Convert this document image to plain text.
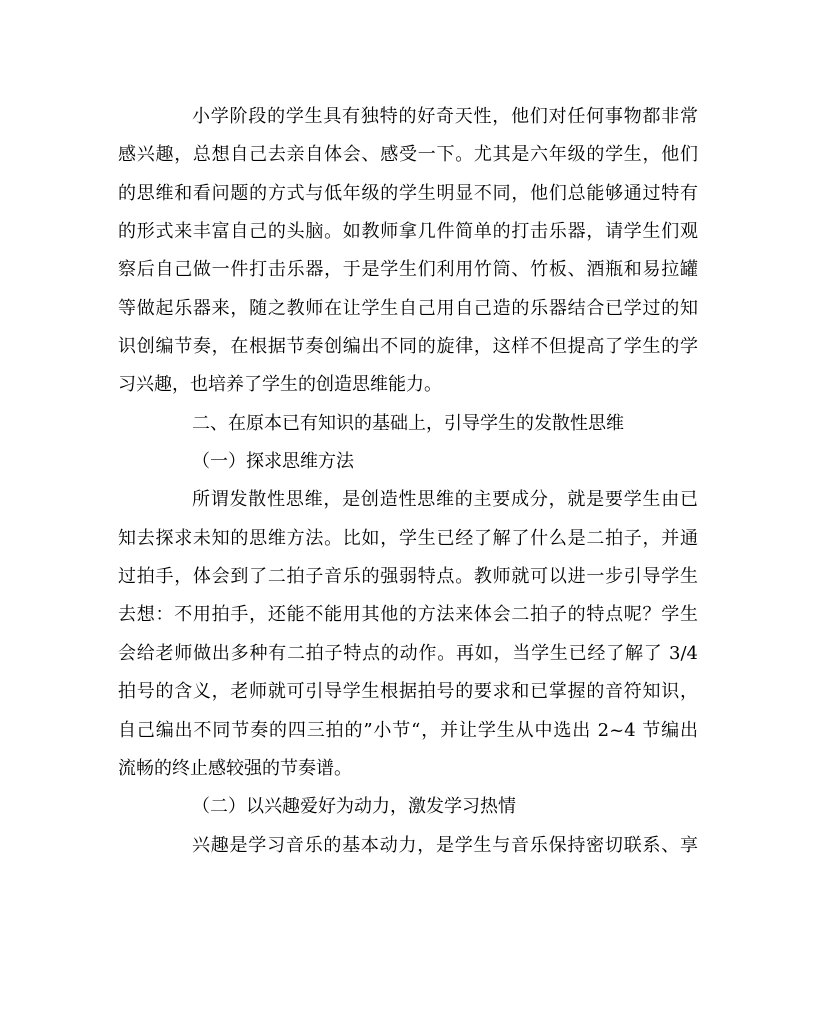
小学阶段的学生具有独特的好奇天性，他们对任何事物都非常
感兴趣，总想自己去亲自体会、感受一下。尤其是六年级的学生，他们
的思维和看问题的方式与低年级的学生明显不同，他们总能够通过特有
的形式来丰富自己的头脑。如教师拿几件简单的打击乐器，请学生们观
察后自己做一件打击乐器，于是学生们利用竹筒、竹板、酒瓶和易拉罐
等做起乐器来，随之教师在让学生自己用自己造的乐器结合已学过的知
识创编节奏，在根据节奏创编出不同的旋律，这样不但提高了学生的学
习兴趣，也培养了学生的创造思维能力。
二、在原本已有知识的基础上，引导学生的发散性思维
（一）探求思维方法
所谓发散性思维，是创造性思维的主要成分，就是要学生由已
知去探求未知的思维方法。比如，学生已经了解了什么是二拍子，并通
过拍手，体会到了二拍子音乐的强弱特点。教师就可以进一步引导学生
去想：不用拍手，还能不能用其他的方法来体会二拍子的特点呢？学生
会给老师做出多种有二拍子特点的动作。再如，当学生已经了解了 3/4
拍号的含义，老师就可引导学生根据拍号的要求和已掌握的音符知识，
自己编出不同节奏的四三拍的”小节“，并让学生从中选出 2~4 节编出
流畅的终止感较强的节奏谱。
（二）以兴趣爱好为动力，激发学习热情
兴趣是学习音乐的基本动力，是学生与音乐保持密切联系、享
